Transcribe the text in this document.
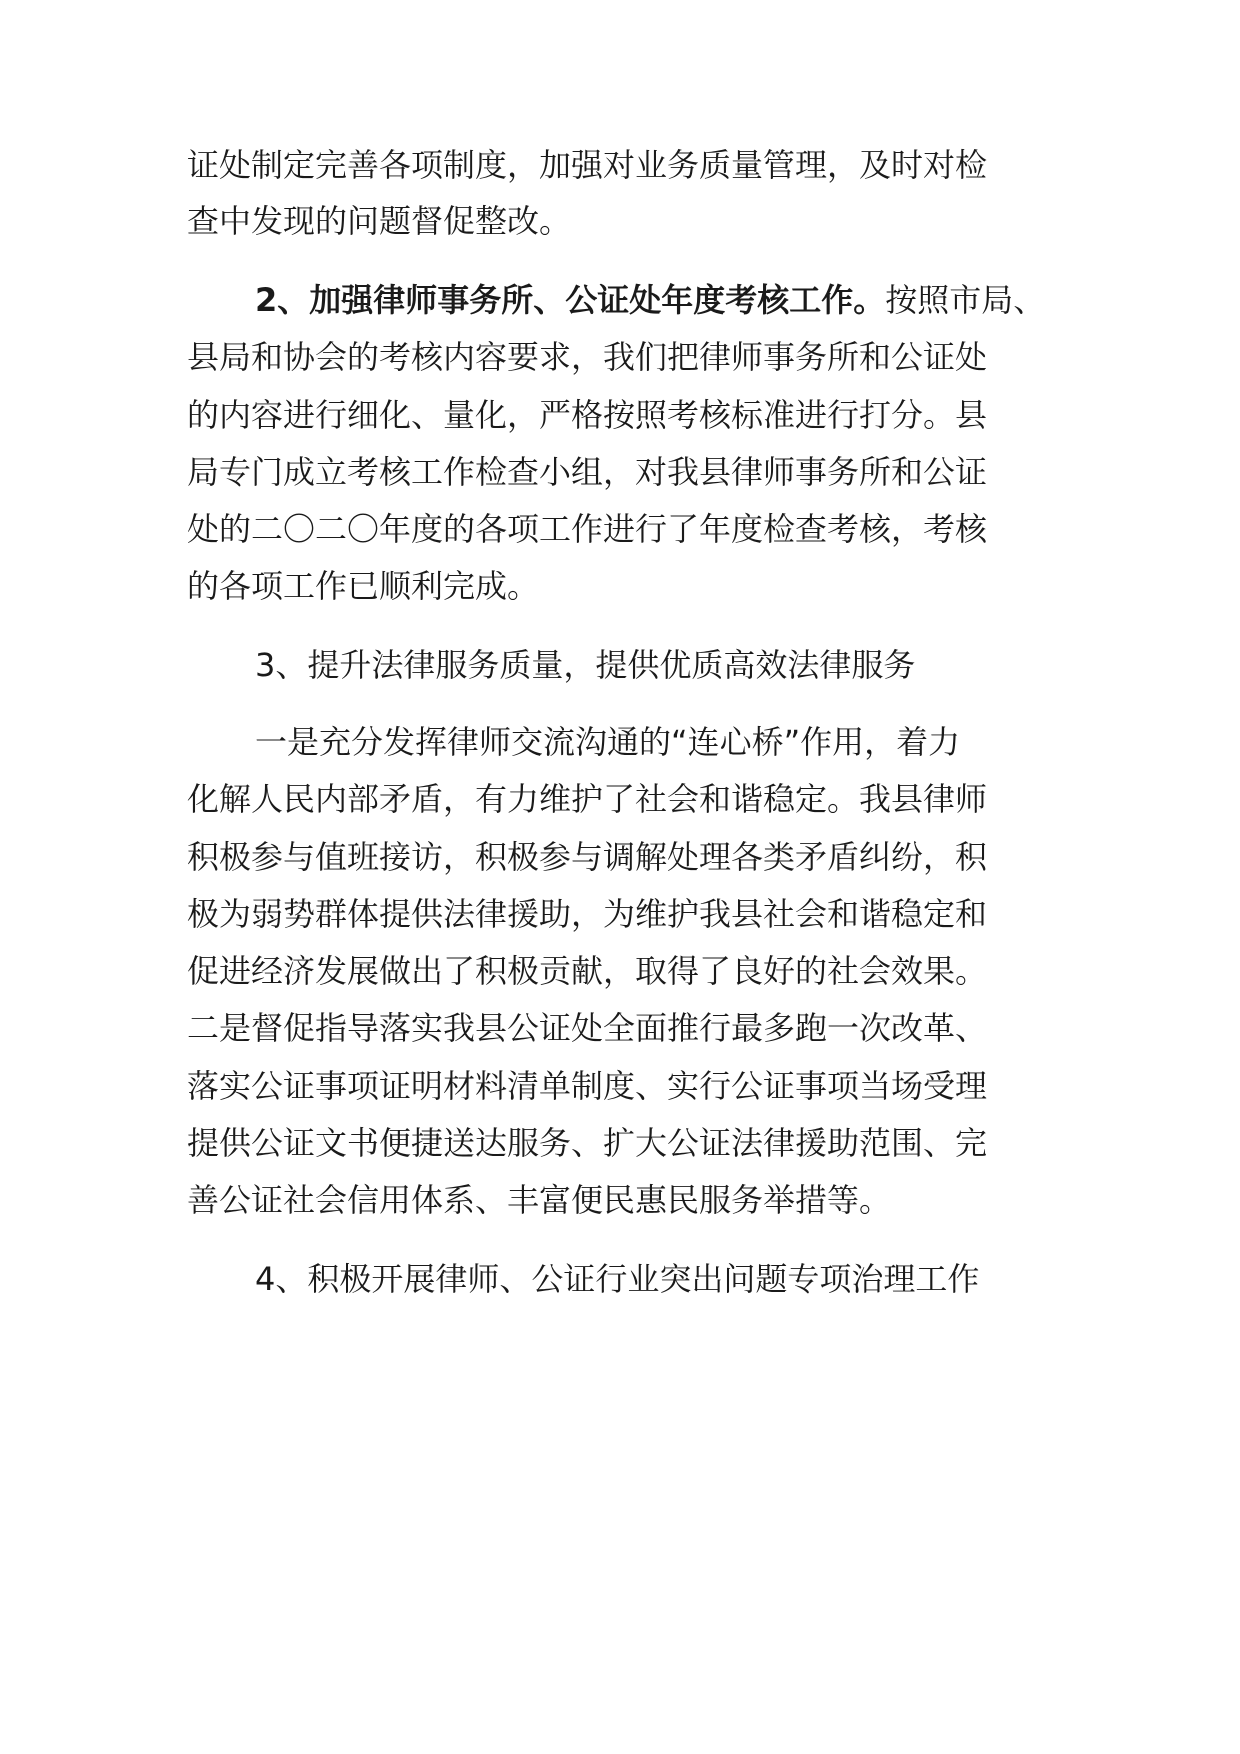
证处制定完善各项制度，加强对业务质量管理，及时对检
查中发现的问题督促整改。
2、加强律师事务所、公证处年度考核工作。按照市局、
县局和协会的考核内容要求，我们把律师事务所和公证处
的内容进行细化、量化，严格按照考核标准进行打分。县
局专门成立考核工作检查小组，对我县律师事务所和公证
处的二〇二〇年度的各项工作进行了年度检查考核，考核
的各项工作已顺利完成。
3、提升法律服务质量，提供优质高效法律服务
一是充分发挥律师交流沟通的“连心桥”作用，着力
化解人民内部矛盾，有力维护了社会和谐稳定。我县律师
积极参与值班接访，积极参与调解处理各类矛盾纠纷，积
极为弱势群体提供法律援助，为维护我县社会和谐稳定和
促进经济发展做出了积极贡献，取得了良好的社会效果。
二是督促指导落实我县公证处全面推行最多跑一次改革、
落实公证事项证明材料清单制度、实行公证事项当场受理
提供公证文书便捷送达服务、扩大公证法律援助范围、完
善公证社会信用体系、丰富便民惠民服务举措等。
4、积极开展律师、公证行业突出问题专项治理工作
